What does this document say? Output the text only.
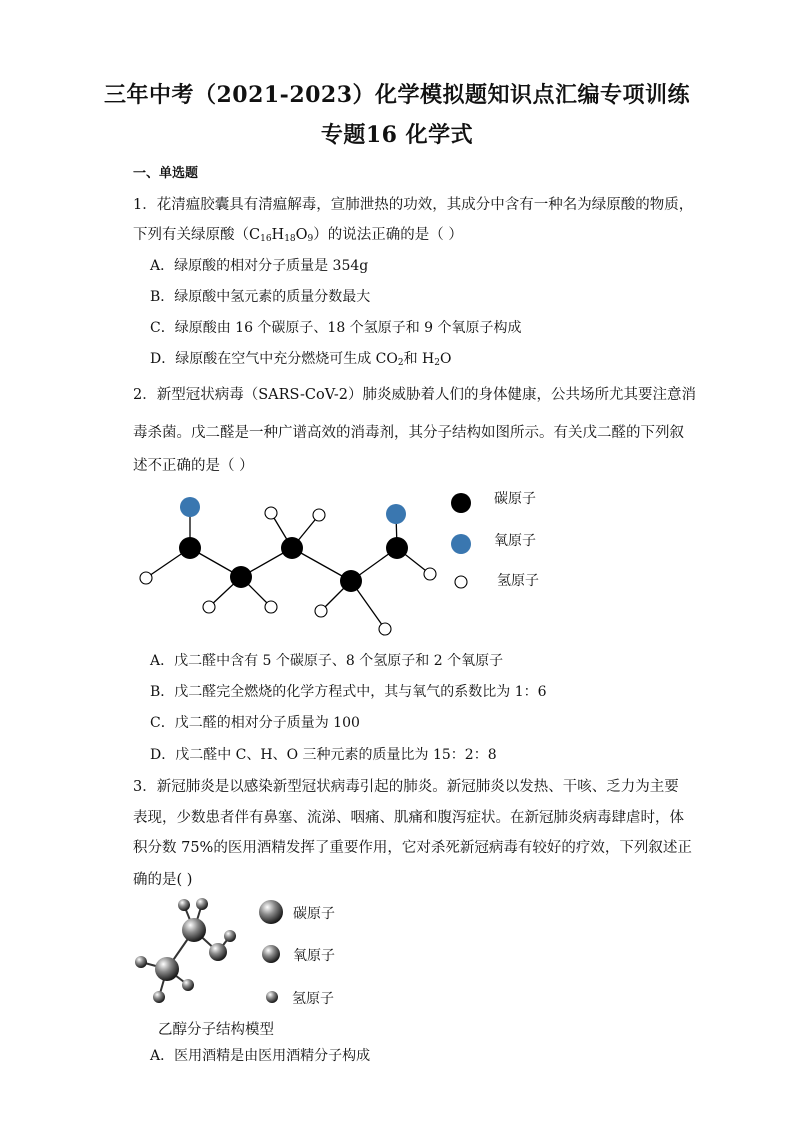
三年中考（2021-2023）化学模拟题知识点汇编专项训练
专题16 化学式
一、单选题
1．花清瘟胶囊具有清瘟解毒，宣肺泄热的功效，其成分中含有一种名为绿原酸的物质，
下列有关绿原酸$(C_{16}H_{18}O_9)$的说法正确的是（ ）
A．绿原酸的相对分子质量是 354g
B．绿原酸中氢元素的质量分数最大
C．绿原酸由 16 个碳原子、18 个氢原子和 9 个氧原子构成
D．绿原酸在空气中充分燃烧可生成 $CO_2$和 $H_2O$
2．新型冠状病毒（SARS-CoV-2）肺炎威胁着人们的身体健康，公共场所尤其要注意消
毒杀菌。戊二醛是一种广谱高效的消毒剂，其分子结构如图所示。有关戊二醛的下列叙
述不正确的是（ ）
碳原子
氧原子
氢原子
A．戊二醛中含有 5 个碳原子、8 个氢原子和 2 个氧原子
B．戊二醛完全燃烧的化学方程式中，其与氧气的系数比为 1：6
C．戊二醛的相对分子质量为 100
D．戊二醛中 C、H、O 三种元素的质量比为 15：2：8
3．新冠肺炎是以感染新型冠状病毒引起的肺炎。新冠肺炎以发热、干咳、乏力为主要
表现，少数患者伴有鼻塞、流涕、咽痛、肌痛和腹泻症状。在新冠肺炎病毒肆虐时，体
积分数 75%的医用酒精发挥了重要作用，它对杀死新冠病毒有较好的疗效，下列叙述正
确的是( )
碳原子
氧原子
氢原子
乙醇分子结构模型
A．医用酒精是由医用酒精分子构成
